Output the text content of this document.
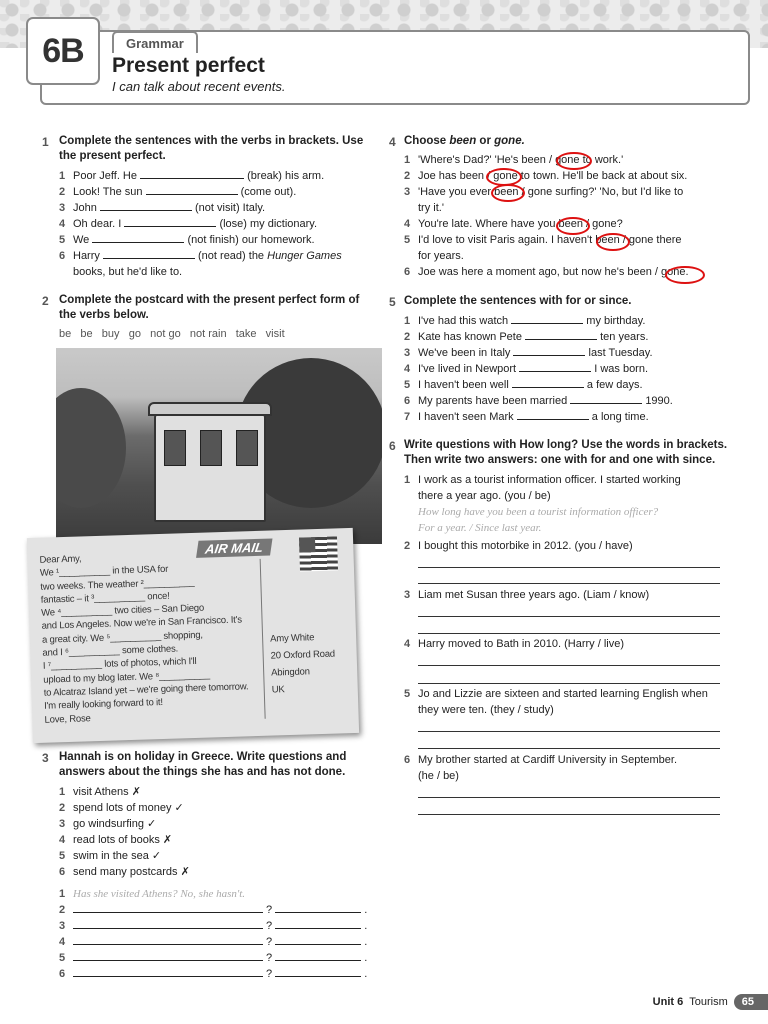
6B	Grammar
Present perfect
I can talk about recent events.
1 Complete the sentences with the verbs in brackets. Use the present perfect.
1 Poor Jeff. He	(break) his arm.
2 Look! The sun	(come out).
3 John	(not visit) Italy.
4 Oh dear. I	(lose) my dictionary.
5 We	(not finish) our homework.
6 Harry	(not read) the Hunger Games
books, but he'd like to.
2 Complete the postcard with the present perfect form of the verbs below.
be   be   buy   go   not go   not rain   take   visit
AIR MAIL
Dear Amy,
We ¹__________ in the USA for
two weeks. The weather ²__________
fantastic – it ³__________ once!
We ⁴__________ two cities – San Diego
and Los Angeles. Now we're in San Francisco. It's
a great city. We ⁵__________ shopping,
and I ⁶__________ some clothes.
I ⁷__________ lots of photos, which I'll
upload to my blog later. We ⁸__________
to Alcatraz Island yet – we're going there tomorrow.
I'm really looking forward to it!
Love, Rose
Amy White
20 Oxford Road
Abingdon
UK
3 Hannah is on holiday in Greece. Write questions and answers about the things she has and has not done.
1 visit Athens ✗
2 spend lots of money ✓
3 go windsurfing ✓
4 read lots of books ✗
5 swim in the sea ✓
6 send many postcards ✗
1 Has she visited Athens? No, she hasn't.
2	?	.
3	?	.
4	?	.
5	?	.
6	?	.
4 Choose been or gone.
1 'Where's Dad?' 'He's been / gone to work.'
2 Joe has been / gone to town. He'll be back at about six.
3 'Have you ever been / gone surfing?' 'No, but I'd like to
try it.'
4 You're late. Where have you been / gone?
5 I'd love to visit Paris again. I haven't been / gone there
for years.
6 Joe was here a moment ago, but now he's been / gone.
5 Complete the sentences with for or since.
1 I've had this watch	my birthday.
2 Kate has known Pete	ten years.
3 We've been in Italy	last Tuesday.
4 I've lived in Newport	I was born.
5 I haven't been well	a few days.
6 My parents have been married	1990.
7 I haven't seen Mark	a long time.
6 Write questions with How long? Use the words in brackets. Then write two answers: one with for and one with since.
1 I work as a tourist information officer. I started working
there a year ago. (you / be)
How long have you been a tourist information officer?
For a year. / Since last year.
2 I bought this motorbike in 2012. (you / have)
3 Liam met Susan three years ago. (Liam / know)
4 Harry moved to Bath in 2010. (Harry / live)
5 Jo and Lizzie are sixteen and started learning English when
they were ten. (they / study)
6 My brother started at Cardiff University in September.
(he / be)
Unit 6 Tourism	65
